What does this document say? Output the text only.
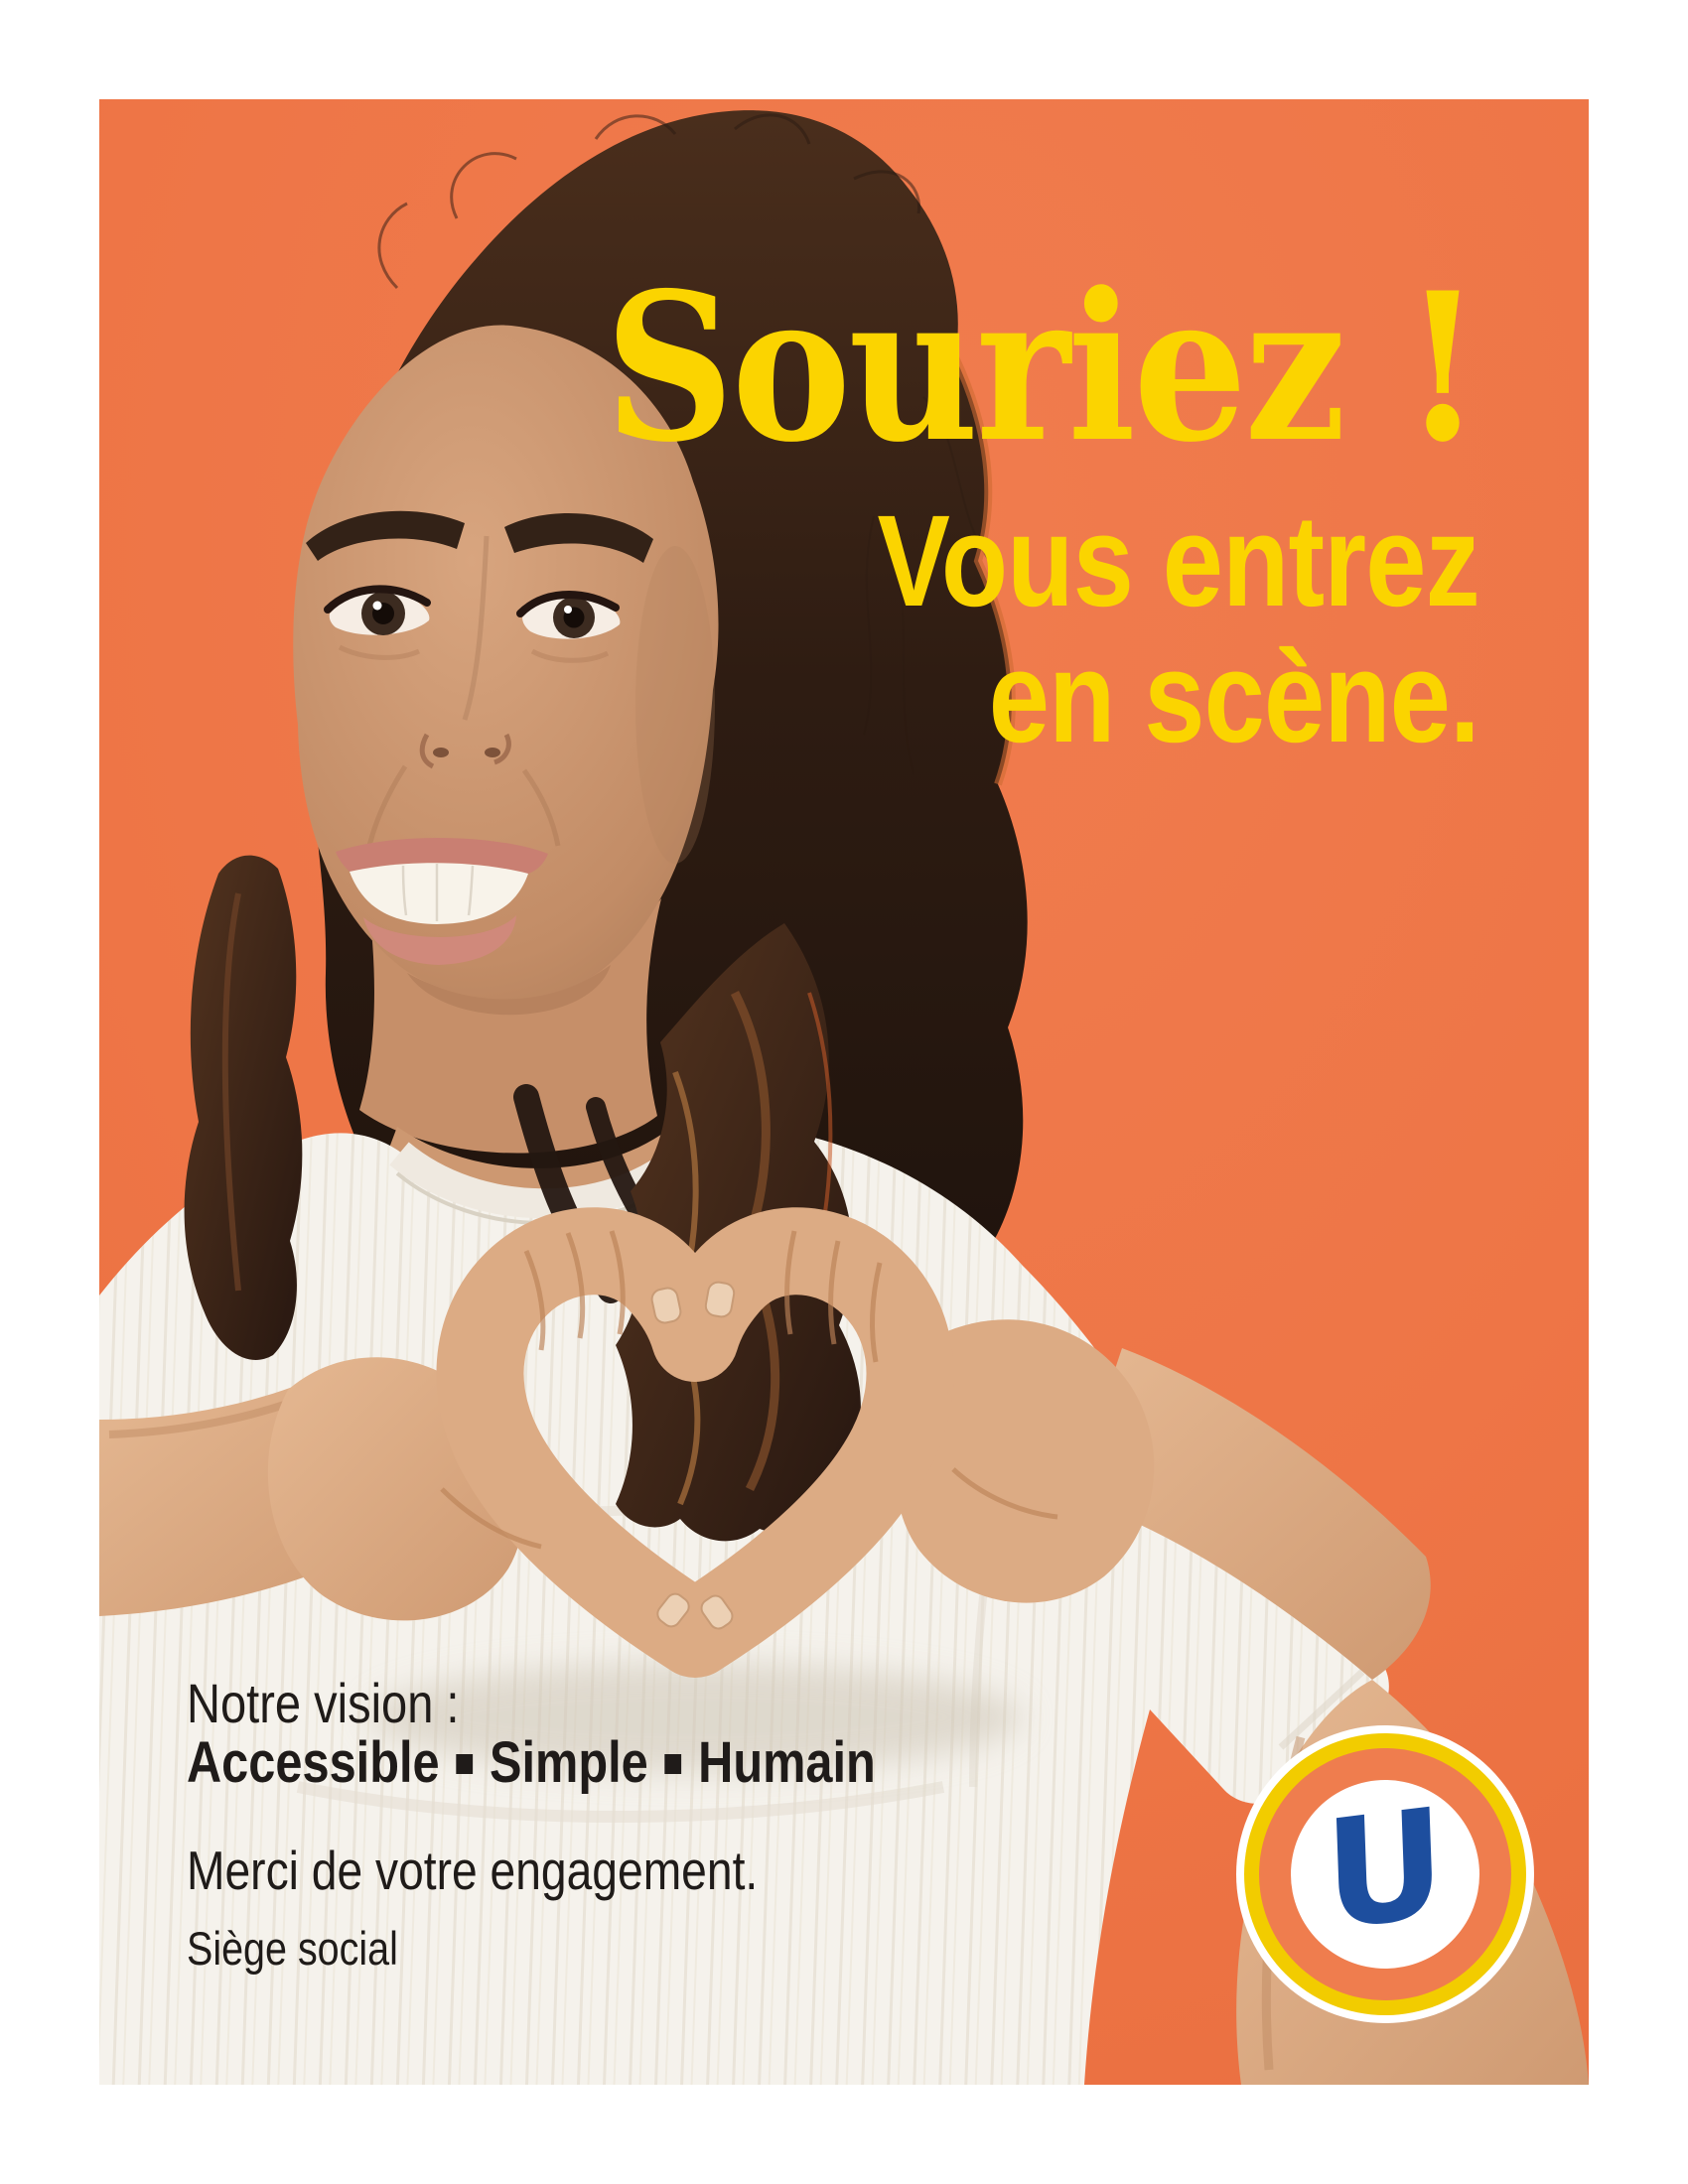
Souriez !
Vous entrez
en scène.
Notre vision :
Accessible Simple Humain
Merci de votre engagement.
Siège social	U
